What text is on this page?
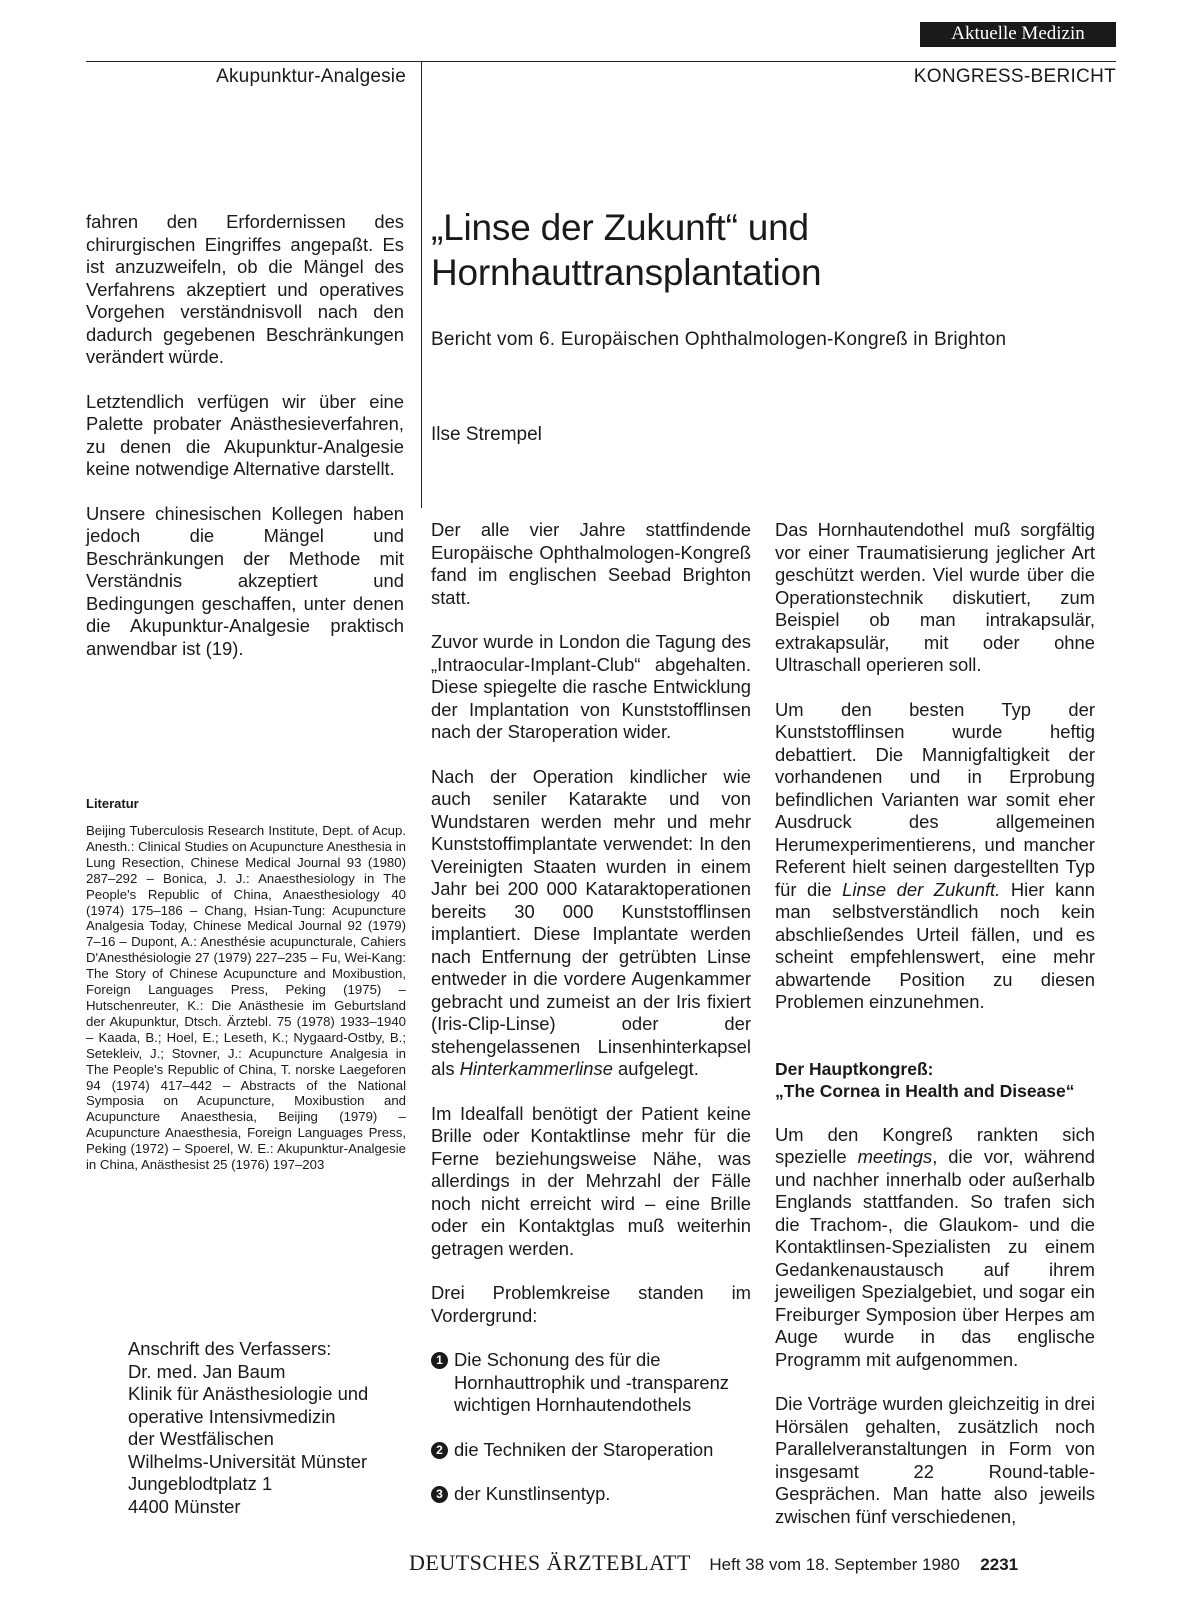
Aktuelle Medizin
Akupunktur-Analgesie	KONGRESS-BERICHT

fahren den Erfordernissen des chirurgischen Eingriffes angepaßt. Es ist anzuzweifeln, ob die Mängel des Verfahrens akzeptiert und operatives Vorgehen verständnisvoll nach den dadurch gegebenen Beschränkungen verändert würde.

Letztendlich verfügen wir über eine Palette probater Anästhesieverfahren, zu denen die Akupunktur-Analgesie keine notwendige Alternative darstellt.

Unsere chinesischen Kollegen haben jedoch die Mängel und Beschränkungen der Methode mit Verständnis akzeptiert und Bedingungen geschaffen, unter denen die Akupunktur-Analgesie praktisch anwendbar ist (19).

Literatur
Beijing Tuberculosis Research Institute, Dept. of Acup. Anesth.: Clinical Studies on Acupuncture Anesthesia in Lung Resection, Chinese Medical Journal 93 (1980) 287–292 – Bonica, J. J.: Anaesthesiology in The People's Republic of China, Anaesthesiology 40 (1974) 175–186 – Chang, Hsian-Tung: Acupuncture Analgesia Today, Chinese Medical Journal 92 (1979) 7–16 – Dupont, A.: Anesthésie acupuncturale, Cahiers D'Anesthésiologie 27 (1979) 227–235 – Fu, Wei-Kang: The Story of Chinese Acupuncture and Moxibustion, Foreign Languages Press, Peking (1975) – Hutschenreuter, K.: Die Anästhesie im Geburtsland der Akupunktur, Dtsch. Ärztebl. 75 (1978) 1933–1940 – Kaada, B.; Hoel, E.; Leseth, K.; Nygaard-Ostby, B.; Setekleiv, J.; Stovner, J.: Acupuncture Analgesia in The People's Republic of China, T. norske Laegeforen 94 (1974) 417–442 – Abstracts of the National Symposia on Acupuncture, Moxibustion and Acupuncture Anaesthesia, Beijing (1979) – Acupuncture Anaesthesia, Foreign Languages Press, Peking (1972) – Spoerel, W. E.: Akupunktur-Analgesie in China, Anästhesist 25 (1976) 197–203
Anschrift des Verfassers:
Dr. med. Jan Baum
Klinik für Anästhesiologie und
operative Intensivmedizin
der Westfälischen
Wilhelms-Universität Münster
Jungeblodtplatz 1
4400 Münster
„Linse der Zukunft“ und
Hornhauttransplantation
Bericht vom 6. Europäischen Ophthalmologen-Kongreß in Brighton
Ilse Strempel

Der alle vier Jahre stattfindende Europäische Ophthalmologen-Kongreß fand im englischen Seebad Brighton statt.

Zuvor wurde in London die Tagung des „Intraocular-Implant-Club“ abgehalten. Diese spiegelte die rasche Entwicklung der Implantation von Kunststofflinsen nach der Staroperation wider.

Nach der Operation kindlicher wie auch seniler Katarakte und von Wundstaren werden mehr und mehr Kunststoffimplantate verwendet: In den Vereinigten Staaten wurden in einem Jahr bei 200 000 Kataraktoperationen bereits 30 000 Kunststofflinsen implantiert. Diese Implantate werden nach Entfernung der getrübten Linse entweder in die vordere Augenkammer gebracht und zumeist an der Iris fixiert (Iris-Clip-Linse) oder der stehengelassenen Linsenhinterkapsel als Hinterkammerlinse aufgelegt.

Im Idealfall benötigt der Patient keine Brille oder Kontaktlinse mehr für die Ferne beziehungsweise Nähe, was allerdings in der Mehrzahl der Fälle noch nicht erreicht wird – eine Brille oder ein Kontaktglas muß weiterhin getragen werden.

Drei Problemkreise standen im Vordergrund:

1 Die Schonung des für die Hornhauttrophik und -transparenz wichtigen Hornhautendothels
2 die Techniken der Staroperation
3 der Kunstlinsentyp.

Das Hornhautendothel muß sorgfältig vor einer Traumatisierung jeglicher Art geschützt werden. Viel wurde über die Operationstechnik diskutiert, zum Beispiel ob man intrakapsulär, extrakapsulär, mit oder ohne Ultraschall operieren soll.

Um den besten Typ der Kunststofflinsen wurde heftig debattiert. Die Mannigfaltigkeit der vorhandenen und in Erprobung befindlichen Varianten war somit eher Ausdruck des allgemeinen Herumexperimentierens, und mancher Referent hielt seinen dargestellten Typ für die Linse der Zukunft. Hier kann man selbstverständlich noch kein abschließendes Urteil fällen, und es scheint empfehlenswert, eine mehr abwartende Position zu diesen Problemen einzunehmen.

Der Hauptkongreß:
„The Cornea in Health and Disease“

Um den Kongreß rankten sich spezielle meetings, die vor, während und nachher innerhalb oder außerhalb Englands stattfanden. So trafen sich die Trachom-, die Glaukom- und die Kontaktlinsen-Spezialisten zu einem Gedankenaustausch auf ihrem jeweiligen Spezialgebiet, und sogar ein Freiburger Symposion über Herpes am Auge wurde in das englische Programm mit aufgenommen.

Die Vorträge wurden gleichzeitig in drei Hörsälen gehalten, zusätzlich noch Parallelveranstaltungen in Form von insgesamt 22 Round-table-Gesprächen. Man hatte also jeweils zwischen fünf verschiedenen,

DEUTSCHES ÄRZTEBLATT Heft 38 vom 18. September 1980 2231
